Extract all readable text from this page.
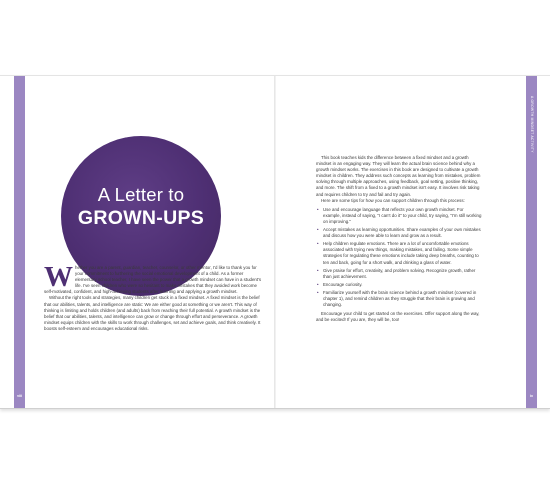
viii
A GROWTH MINDSET ACTIVITY
ix
A Letter to
GROWN-UPS

Whether you are a parent, guardian, teacher, counselor, or other mentor, I'd like to thank you for your commitment to furthering the social emotional development of a child. As a former elementary school teacher, I have seen the power that a growth mindset can have in a student's life. I've seen children who were so hesitant to make mistakes that they avoided work become self-motivated, confident, and high-achieving students after learning and applying a growth mindset.

Without the right tools and strategies, many children get stuck in a fixed mindset. A fixed mindset is the belief that our abilities, talents, and intelligence are static: We are either good at something or we aren't. This way of thinking is limiting and holds children (and adults) back from reaching their full potential. A growth mindset is the belief that our abilities, talents, and intelligence can grow or change through effort and perseverance. A growth mindset equips children with the skills to work through challenges, set and achieve goals, and think creatively. It boosts self-esteem and encourages educational risks.

This book teaches kids the difference between a fixed mindset and a growth mindset in an engaging way. They will learn the actual brain science behind why a growth mindset works. The exercises in this book are designed to cultivate a growth mindset in children. They address such concepts as learning from mistakes, problem solving through multiple approaches, using feedback, goal setting, positive thinking, and more. The shift from a fixed to a growth mindset isn't easy. It involves risk taking and requires children to try and fail and try again.

Here are some tips for how you can support children through this process:

• Use and encourage language that reflects your own growth mindset. For example, instead of saying, "I can't do it" to your child, try saying, "I'm still working on improving."
• Accept mistakes as learning opportunities. Share examples of your own mistakes and discuss how you were able to learn and grow as a result.
• Help children regulate emotions. There are a lot of uncomfortable emotions associated with trying new things, making mistakes, and failing. Some simple strategies for regulating these emotions include taking deep breaths, counting to ten and back, going for a short walk, and drinking a glass of water.
• Give praise for effort, creativity, and problem solving. Recognize growth, rather than just achievement.
• Encourage curiosity.
• Familiarize yourself with the brain science behind a growth mindset (covered in chapter 1), and remind children as they struggle that their brain is growing and changing.

Encourage your child to get started on the exercises. Offer support along the way, and be excited! If you are, they will be, too!
